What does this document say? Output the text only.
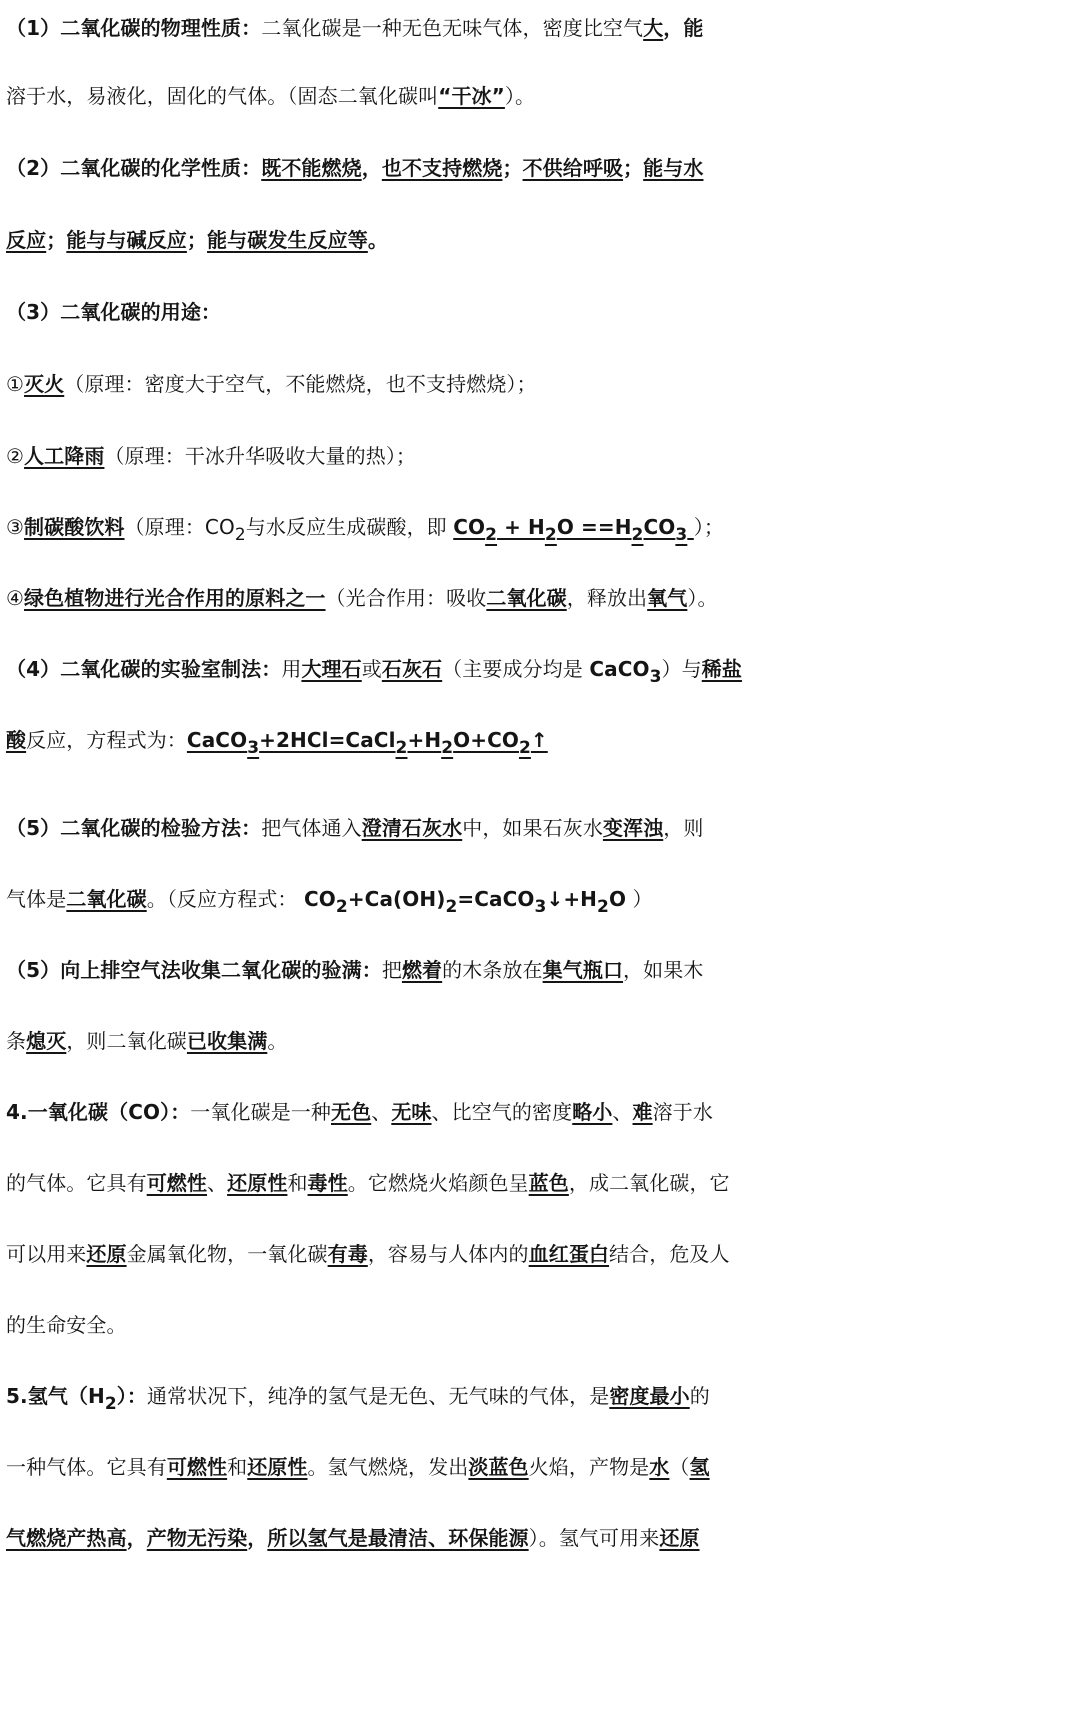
（1）二氧化碳的物理性质：二氧化碳是一种无色无味气体，密度比空气大，能
溶于水，易液化，固化的气体。（固态二氧化碳叫“干冰”）。
（2）二氧化碳的化学性质：既不能燃烧，也不支持燃烧；不供给呼吸；能与水
反应；能与与碱反应；能与碳发生反应等。
（3）二氧化碳的用途：
①灭火（原理：密度大于空气，不能燃烧，也不支持燃烧）；
②人工降雨（原理：干冰升华吸收大量的热）；
③制碳酸饮料（原理：$CO_2$与水反应生成碳酸，即 $CO_2 + H_2O ==H_2CO_3$ ）；
④绿色植物进行光合作用的原料之一（光合作用：吸收二氧化碳，释放出氧气）。
（4）二氧化碳的实验室制法：用大理石或石灰石（主要成分均是 CaCO$_3$）与稀盐
酸反应，方程式为：$CaCO_3+2HCl=CaCl_2+H_2O+CO_2↑$
（5）二氧化碳的检验方法：把气体通入澄清石灰水中，如果石灰水变浑浊，则
气体是二氧化碳。（反应方程式： $CO_2+Ca(OH)_2=CaCO_3↓+H_2O$ ）
（5）向上排空气法收集二氧化碳的验满：把燃着的木条放在集气瓶口，如果木
条熄灭，则二氧化碳已收集满。
4.一氧化碳（CO）：一氧化碳是一种无色、无味、比空气的密度略小、难溶于水
的气体。它具有可燃性、还原性和毒性。它燃烧火焰颜色呈蓝色，成二氧化碳，它
可以用来还原金属氧化物，一氧化碳有毒，容易与人体内的血红蛋白结合，危及人
的生命安全。
5.氢气$(H_2)$：通常状况下，纯净的氢气是无色、无气味的气体，是密度最小的
一种气体。它具有可燃性和还原性。氢气燃烧，发出淡蓝色火焰，产物是水（氢
气燃烧产热高，产物无污染，所以氢气是最清洁、环保能源）。氢气可用来还原
